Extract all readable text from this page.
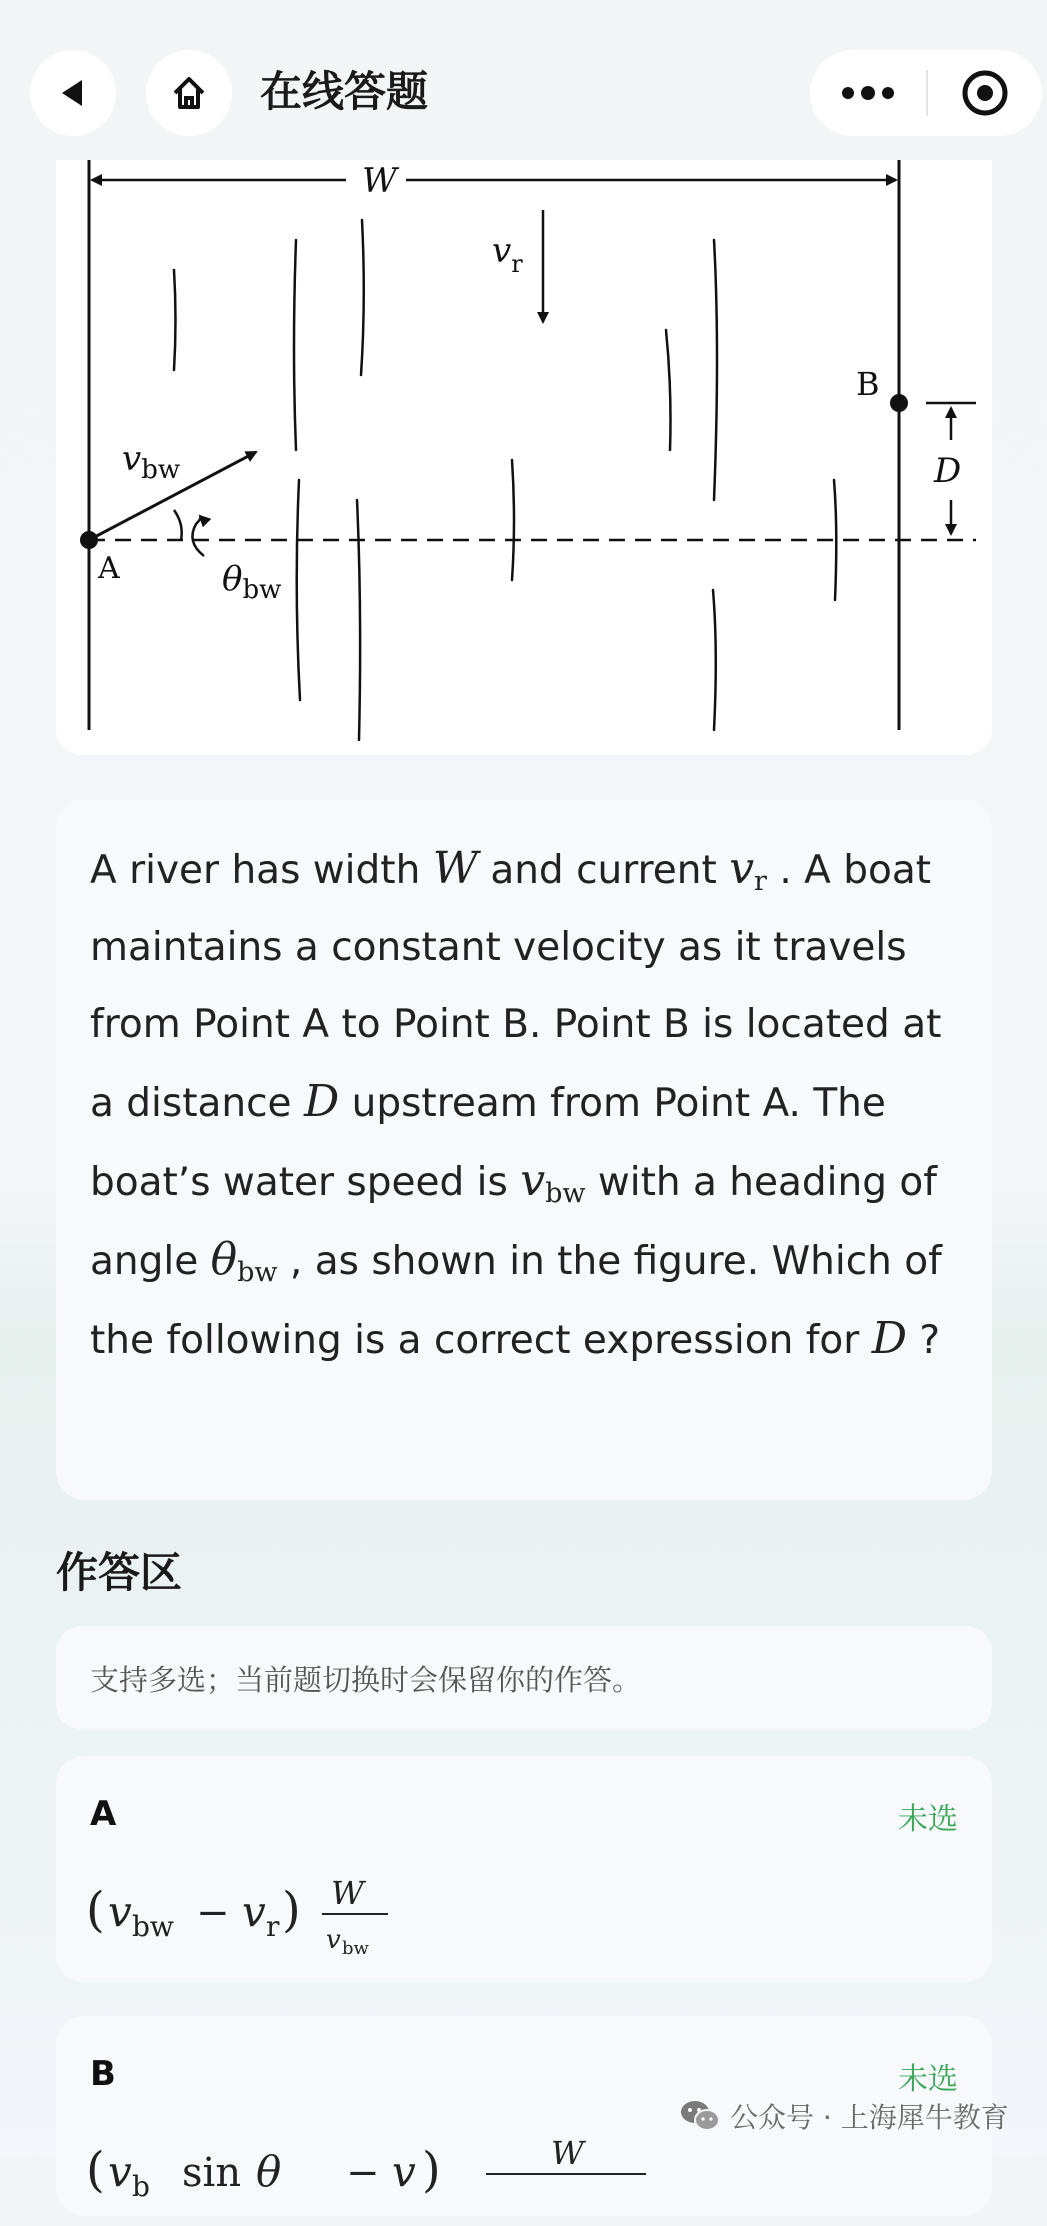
在线答题
W
$v_r$
A
$v_{bw}$
$\theta_{bw}$
B
D
A river has width W and current $v_r$ . A boat maintains a constant velocity as it travels from Point A to Point B. Point B is located at a distance D upstream from Point A. The boat’s water speed is $v_{bw}$ with a heading of angle $\theta_{bw}$ , as shown in the figure. Which of the following is a correct expression for D ?
作答区
支持多选；当前题切换时会保留你的作答。
A	未选
( v bw − v r ) W
v bw
B	未选
( v b sin θ − v )	W
公众号 · 上海犀牛教育
